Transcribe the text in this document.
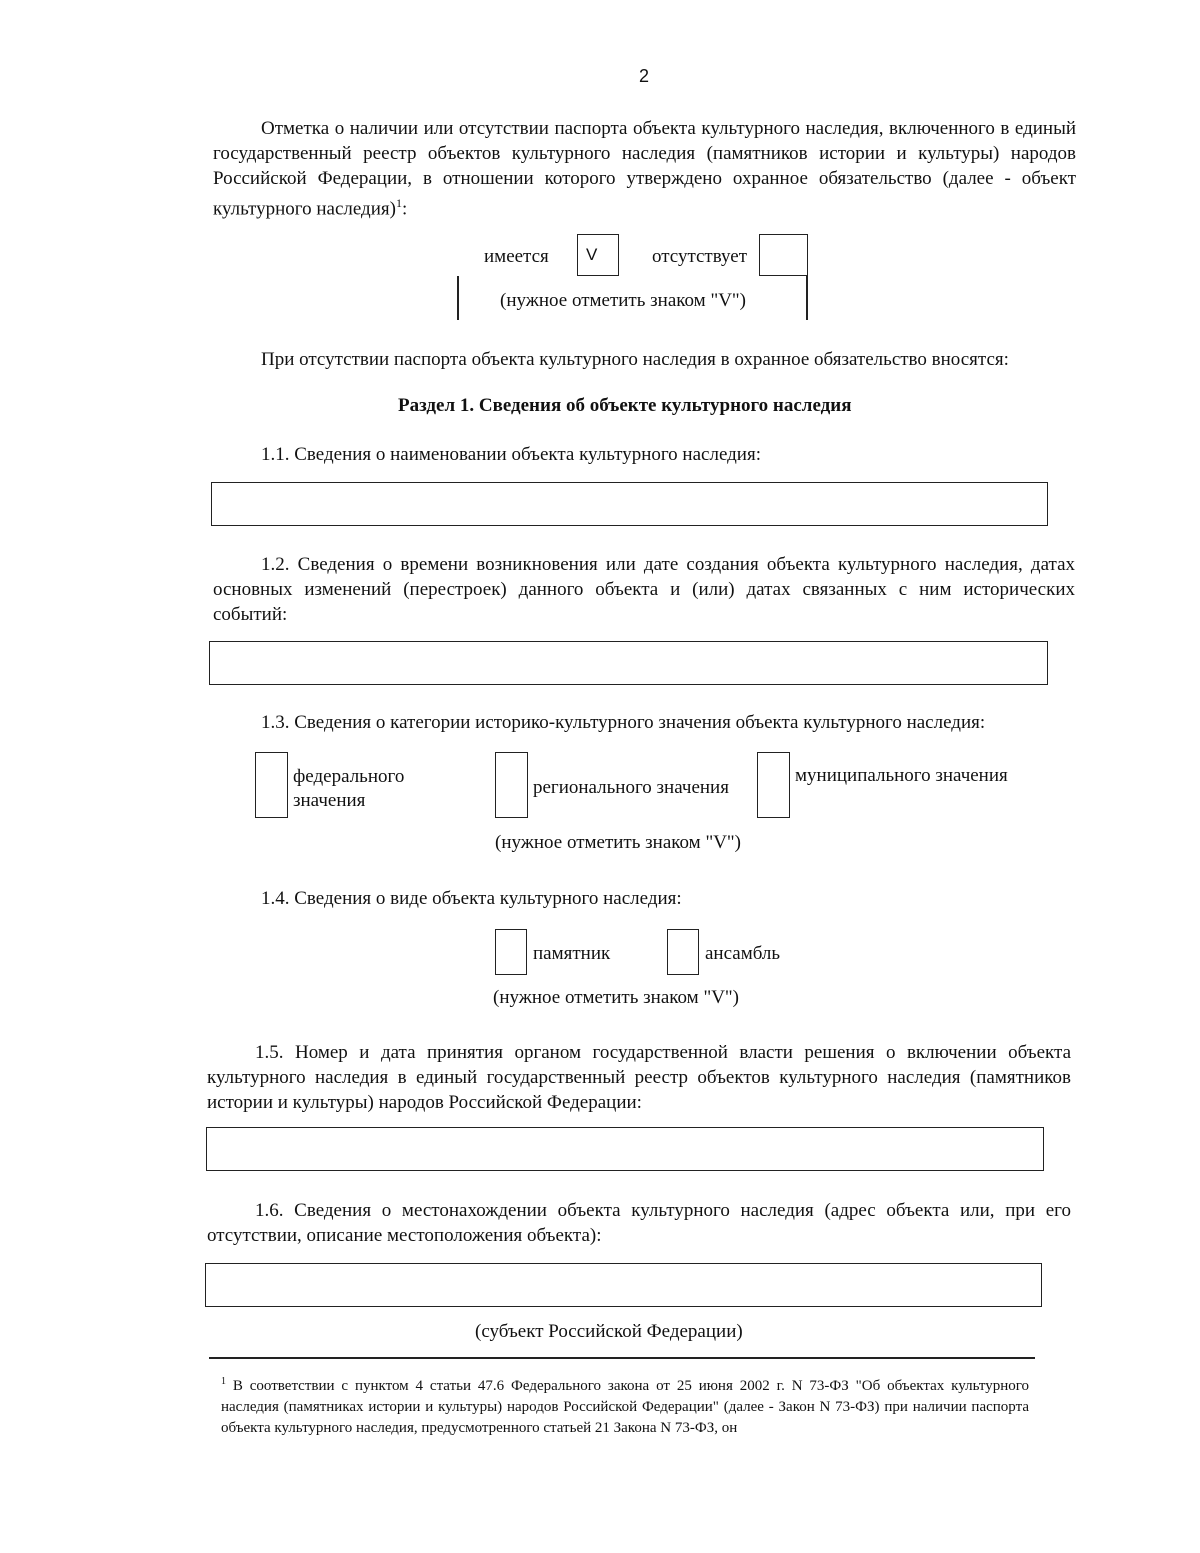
2

Отметка о наличии или отсутствии паспорта объекта культурного наследия, включенного в единый государственный реестр объектов культурного наследия (памятников истории и культуры) народов Российской Федерации, в отношении которого утверждено охранное обязательство (далее - объект культурного наследия)$^1$:

имеется	V	отсутствует
(нужное отметить знаком "V")

При отсутствии паспорта объекта культурного наследия в охранное обязательство вносятся:

Раздел 1. Сведения об объекте культурного наследия

1.1. Сведения о наименовании объекта культурного наследия:

1.2. Сведения о времени возникновения или дате создания объекта культурного наследия, датах основных изменений (перестроек) данного объекта и (или) датах связанных с ним исторических событий:

1.3. Сведения о категории историко-культурного значения объекта культурного наследия:

федерального значения
регионального значения
муниципального значения
(нужное отметить знаком "V")

1.4. Сведения о виде объекта культурного наследия:

памятник	ансамбль
(нужное отметить знаком "V")

1.5. Номер и дата принятия органом государственной власти решения о включении объекта культурного наследия в единый государственный реестр объектов культурного наследия (памятников истории и культуры) народов Российской Федерации:

1.6. Сведения о местонахождении объекта культурного наследия (адрес объекта или, при его отсутствии, описание местоположения объекта):

(субъект Российской Федерации)

$^1$ В соответствии с пунктом 4 статьи 47.6 Федерального закона от 25 июня 2002 г. N 73-ФЗ "Об объектах культурного наследия (памятниках истории и культуры) народов Российской Федерации" (далее - Закон N 73-ФЗ) при наличии паспорта объекта культурного наследия, предусмотренного статьей 21 Закона N 73-ФЗ, он
